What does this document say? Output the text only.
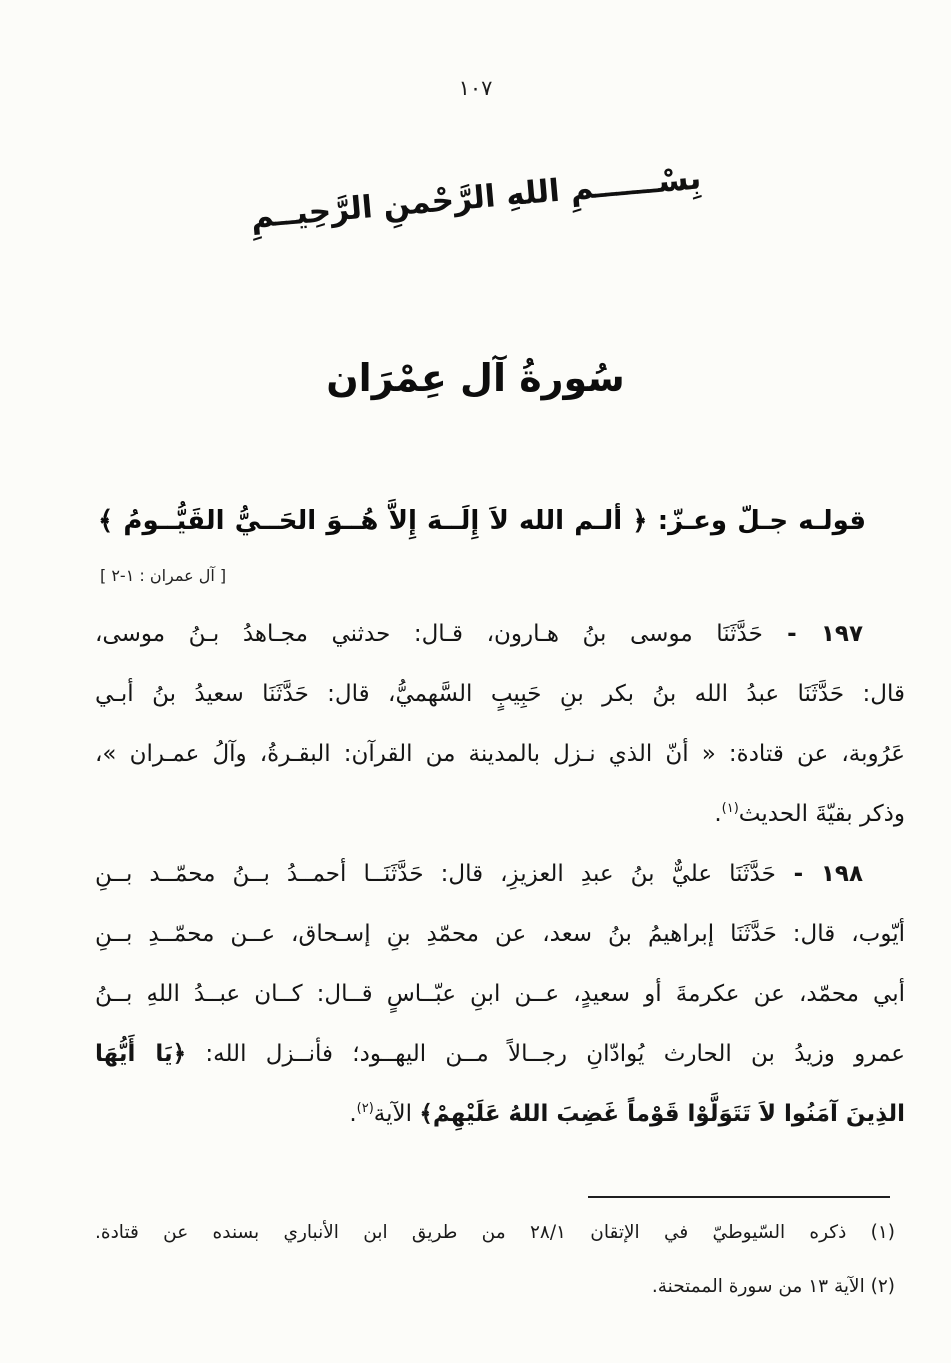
١٠٧
بِسْــــــمِ اللهِ الرَّحْمنِ الرَّحِيــمِ
سُورةُ آل عِمْرَان
قولـه جـلّ وعـزّ: ﴿ ألـم الله لاَ إِلَــهَ إِلاَّ هُــوَ الحَــيُّ القَيُّــومُ ﴾
[ آل عمران : ١-٢ ]
١٩٧ - حَدَّثَنَا موسى بنُ هـارون، قـال: حدثني مجـاهدُ بـنُ موسى،
قال: حَدَّثَنَا عبدُ الله بنُ بكر بنِ حَبِيبٍ السَّهميُّ، قال: حَدَّثَنَا سعيدُ بنُ أبـي
عَرُوبة، عن قتادة: « أنّ الذي نـزل بالمدينة من القرآن: البقـرةُ، وآلُ عمـران »،
وذكر بقيّةَ الحديث$^{(١)}$.
١٩٨ - حَدَّثَنَا عليٌّ بنُ عبدِ العزيزِ، قال: حَدَّثَنَــا أحمــدُ بــنُ محمّــد بــنِ
أيّوب، قال: حَدَّثَنَا إبراهيمُ بنُ سعد، عن محمّدِ بنِ إسـحاق، عــن محمّــدِ بــنِ
أبي محمّد، عن عكرمةَ أو سعيدٍ، عــن ابنِ عبّــاسٍ قــال: كــان عبــدُ اللهِ بــنُ
عمرو وزيدُ بن الحارث يُوادّانِ رجــالاً مــن اليهــود؛ فأنــزل الله: ﴿يَا أَيُّهَا
الذِينَ آمَنُوا لاَ تَتَوَلَّوْا قَوْماً غَضِبَ اللهُ عَلَيْهِمْ﴾ الآية$^{(٢)}$.
(١) ذكره السّيوطيّ في الإتقان ٢٨/١ من طريق ابن الأنباري بسنده عن قتادة.
(٢) الآية ١٣ من سورة الممتحنة.
